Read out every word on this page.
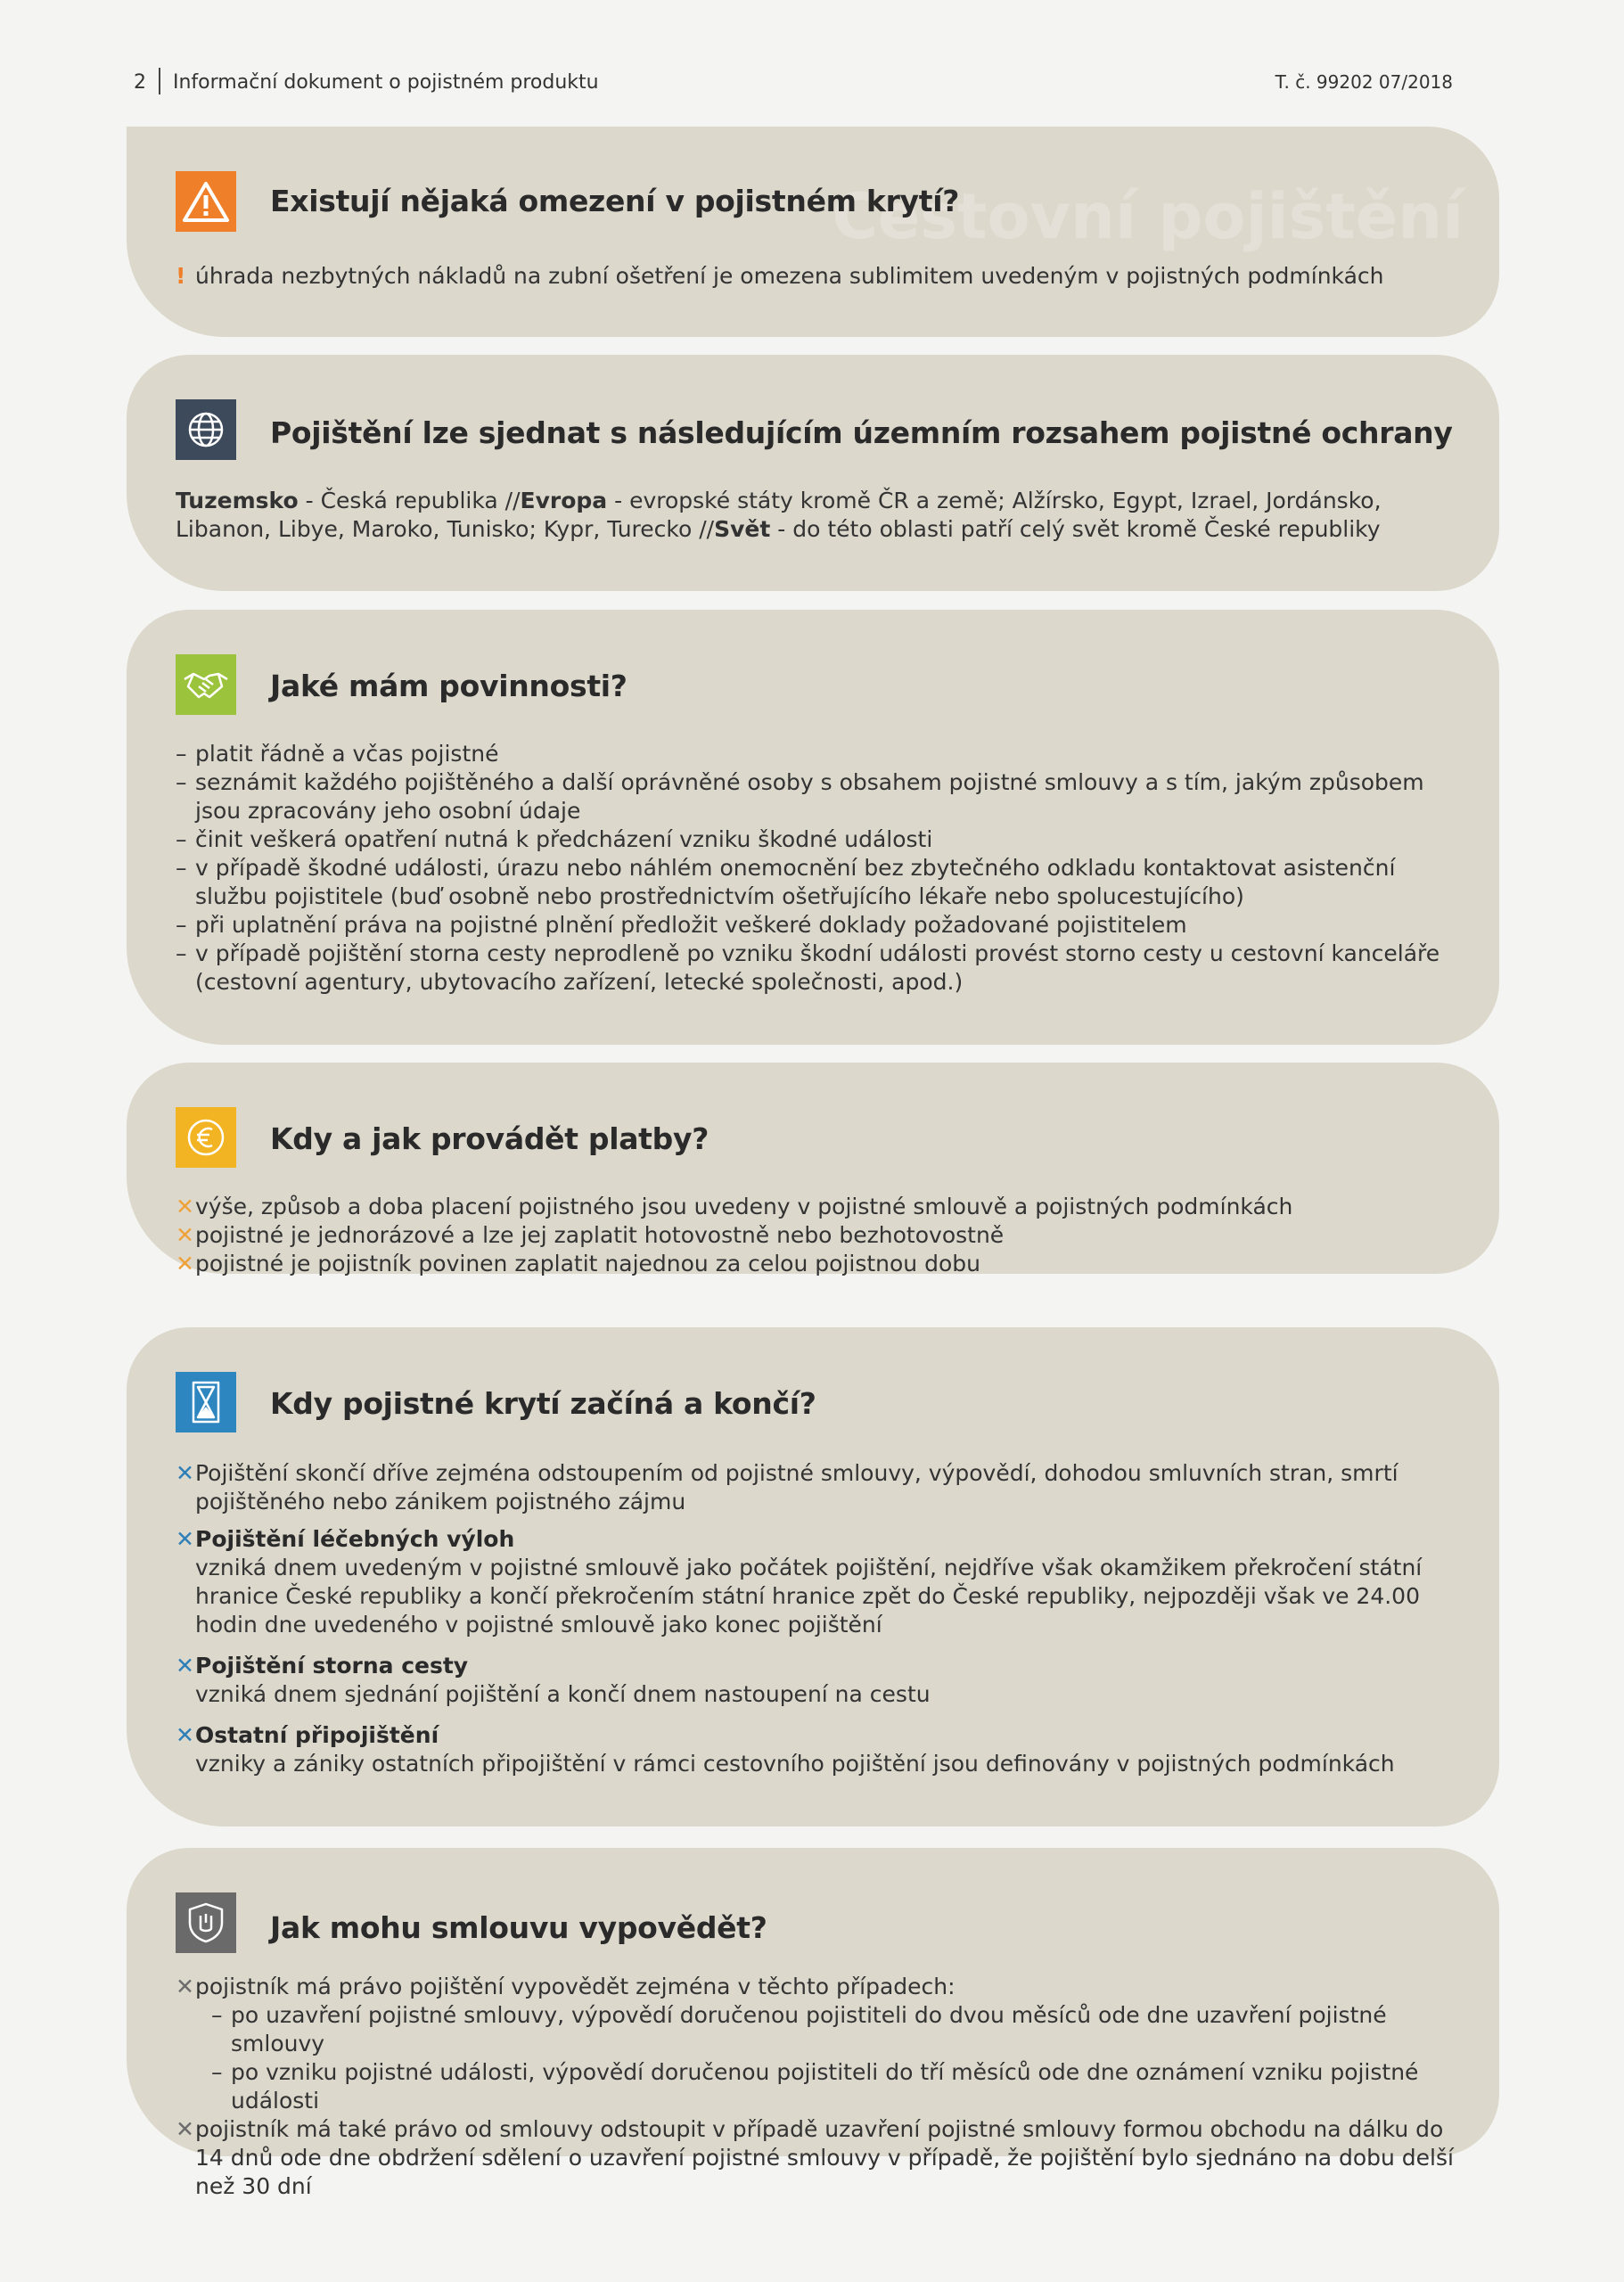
2 Informační dokument o pojistném produktu	T. č. 99202 07/2018
Cestovní pojištění
Existují nějaká omezení v pojistném krytí?
! úhrada nezbytných nákladů na zubní ošetření je omezena sublimitem uvedeným v pojistných podmínkách
Pojištění lze sjednat s následujícím územním rozsahem pojistné ochrany

Tuzemsko - Česká republika //Evropa - evropské státy kromě ČR a země; Alžírsko, Egypt, Izrael, Jordánsko, Libanon, Libye, Maroko, Tunisko; Kypr, Turecko //Svět - do této oblasti patří celý svět kromě České republiky

Jaké mám povinnosti?
– platit řádně a včas pojistné
– seznámit každého pojištěného a další oprávněné osoby s obsahem pojistné smlouvy a s tím, jakým způsobem jsou zpracovány jeho osobní údaje
– činit veškerá opatření nutná k předcházení vzniku škodné události
– v případě škodné události, úrazu nebo náhlém onemocnění bez zbytečného odkladu kontaktovat asistenční službu pojistitele (buď osobně nebo prostřednictvím ošetřujícího lékaře nebo spolucestujícího)
– při uplatnění práva na pojistné plnění předložit veškeré doklady požadované pojistitelem
– v případě pojištění storna cesty neprodleně po vzniku škodní události provést storno cesty u cestovní kanceláře (cestovní agentury, ubytovacího zařízení, letecké společnosti, apod.)
Kdy a jak provádět platby?
✕ výše, způsob a doba placení pojistného jsou uvedeny v pojistné smlouvě a pojistných podmínkách
✕ pojistné je jednorázové a lze jej zaplatit hotovostně nebo bezhotovostně
✕ pojistné je pojistník povinen zaplatit najednou za celou pojistnou dobu
Kdy pojistné krytí začíná a končí?
✕ Pojištění skončí dříve zejména odstoupením od pojistné smlouvy, výpovědí, dohodou smluvních stran, smrtí pojištěného nebo zánikem pojistného zájmu
✕ Pojištění léčebných výloh
vzniká dnem uvedeným v pojistné smlouvě jako počátek pojištění, nejdříve však okamžikem překročení státní hranice České republiky a končí překročením státní hranice zpět do České republiky, nejpozději však ve 24.00 hodin dne uvedeného v pojistné smlouvě jako konec pojištění
✕ Pojištění storna cesty
vzniká dnem sjednání pojištění a končí dnem nastoupení na cestu
✕ Ostatní připojištění
vzniky a zániky ostatních připojištění v rámci cestovního pojištění jsou definovány v pojistných podmínkách
Jak mohu smlouvu vypovědět?
✕ pojistník má právo pojištění vypovědět zejména v těchto případech:
– po uzavření pojistné smlouvy, výpovědí doručenou pojistiteli do dvou měsíců ode dne uzavření pojistné smlouvy
– po vzniku pojistné události, výpovědí doručenou pojistiteli do tří měsíců ode dne oznámení vzniku pojistné události
✕ pojistník má také právo od smlouvy odstoupit v případě uzavření pojistné smlouvy formou obchodu na dálku do 14 dnů ode dne obdržení sdělení o uzavření pojistné smlouvy v případě, že pojištění bylo sjednáno na dobu delší než 30 dní
